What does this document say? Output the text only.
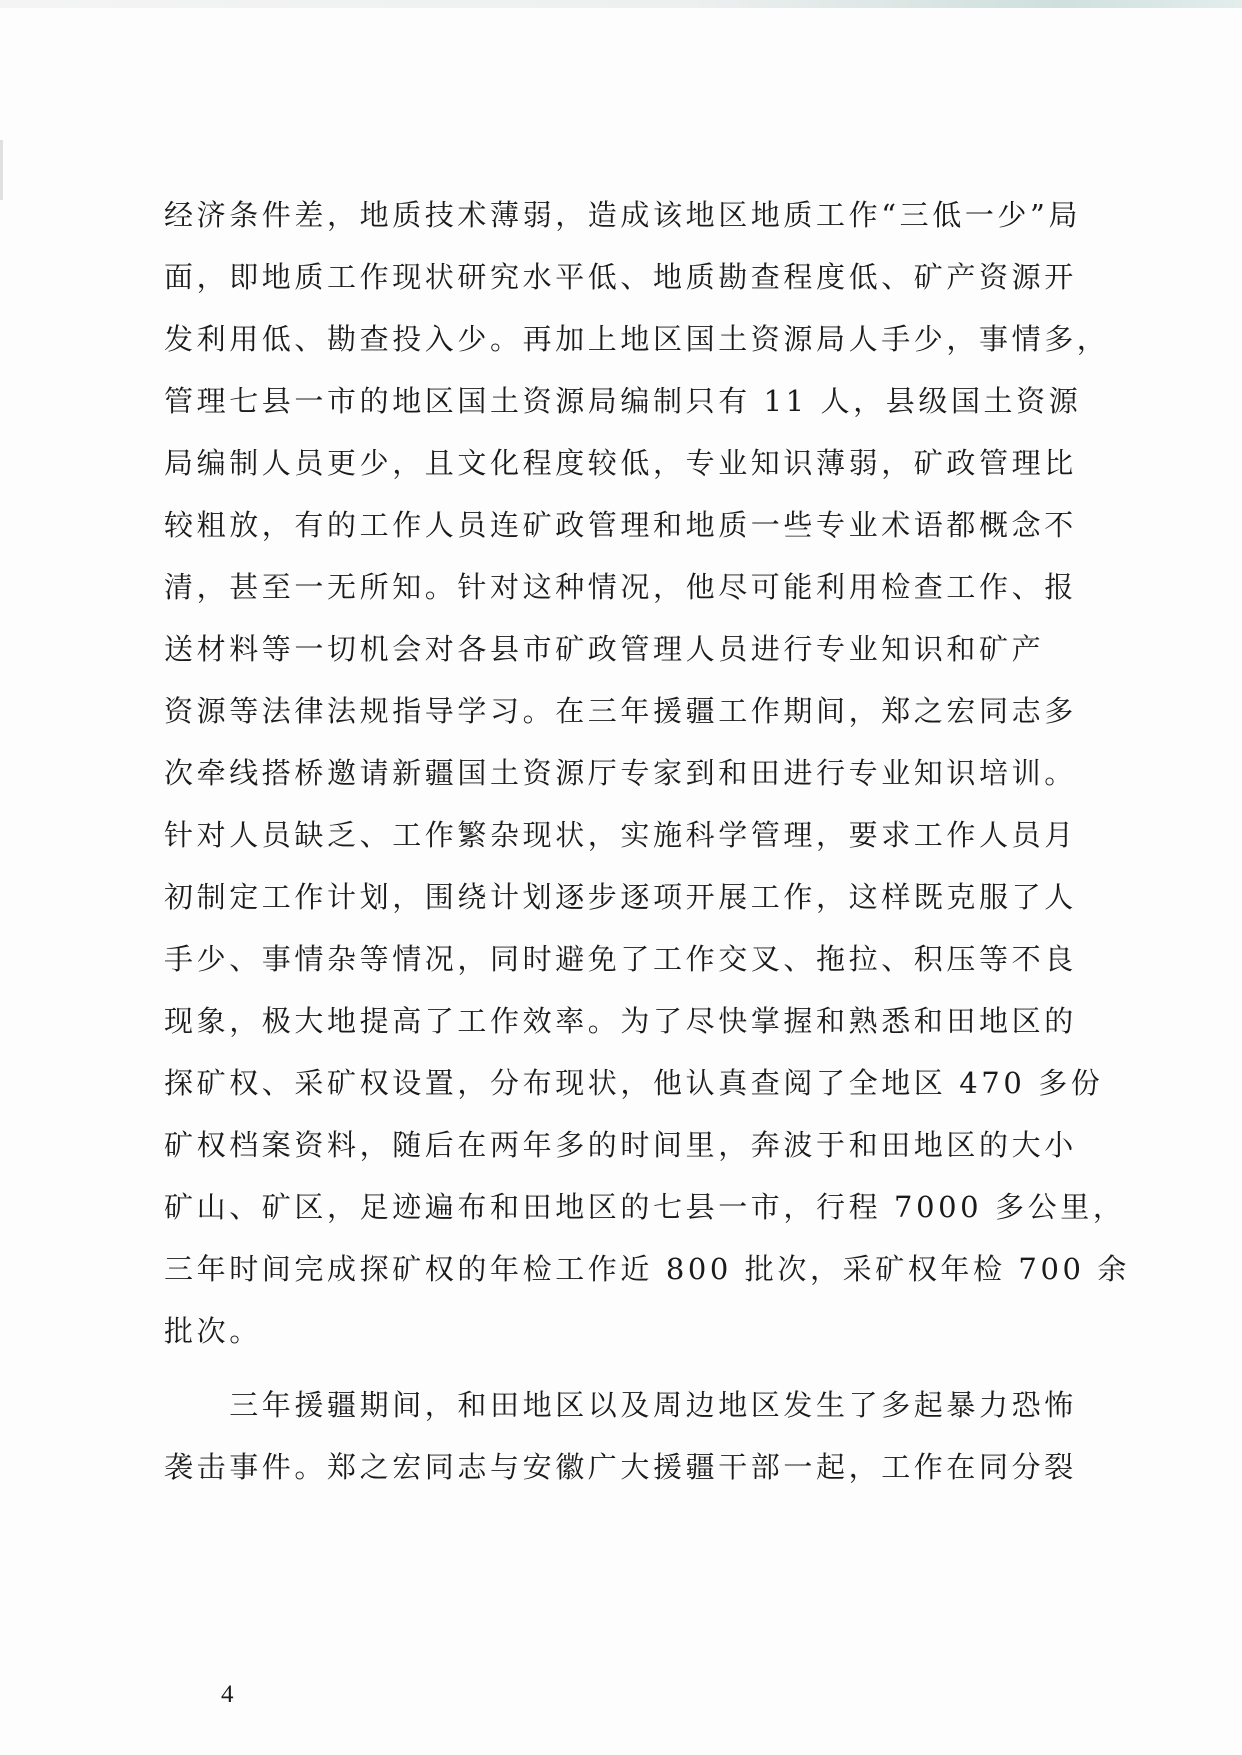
经济条件差，地质技术薄弱，造成该地区地质工作“三低一少”局
面，即地质工作现状研究水平低、地质勘查程度低、矿产资源开
发利用低、勘查投入少。再加上地区国土资源局人手少，事情多，
管理七县一市的地区国土资源局编制只有 11 人，县级国土资源
局编制人员更少，且文化程度较低，专业知识薄弱，矿政管理比
较粗放，有的工作人员连矿政管理和地质一些专业术语都概念不
清，甚至一无所知。针对这种情况，他尽可能利用检查工作、报
送材料等一切机会对各县市矿政管理人员进行专业知识和矿产
资源等法律法规指导学习。在三年援疆工作期间，郑之宏同志多
次牵线搭桥邀请新疆国土资源厅专家到和田进行专业知识培训。
针对人员缺乏、工作繁杂现状，实施科学管理，要求工作人员月
初制定工作计划，围绕计划逐步逐项开展工作，这样既克服了人
手少、事情杂等情况，同时避免了工作交叉、拖拉、积压等不良
现象，极大地提高了工作效率。为了尽快掌握和熟悉和田地区的
探矿权、采矿权设置，分布现状，他认真查阅了全地区 470 多份
矿权档案资料，随后在两年多的时间里，奔波于和田地区的大小
矿山、矿区，足迹遍布和田地区的七县一市，行程 7000 多公里，
三年时间完成探矿权的年检工作近 800 批次，采矿权年检 700 余
批次。
　　三年援疆期间，和田地区以及周边地区发生了多起暴力恐怖
袭击事件。郑之宏同志与安徽广大援疆干部一起，工作在同分裂
4
